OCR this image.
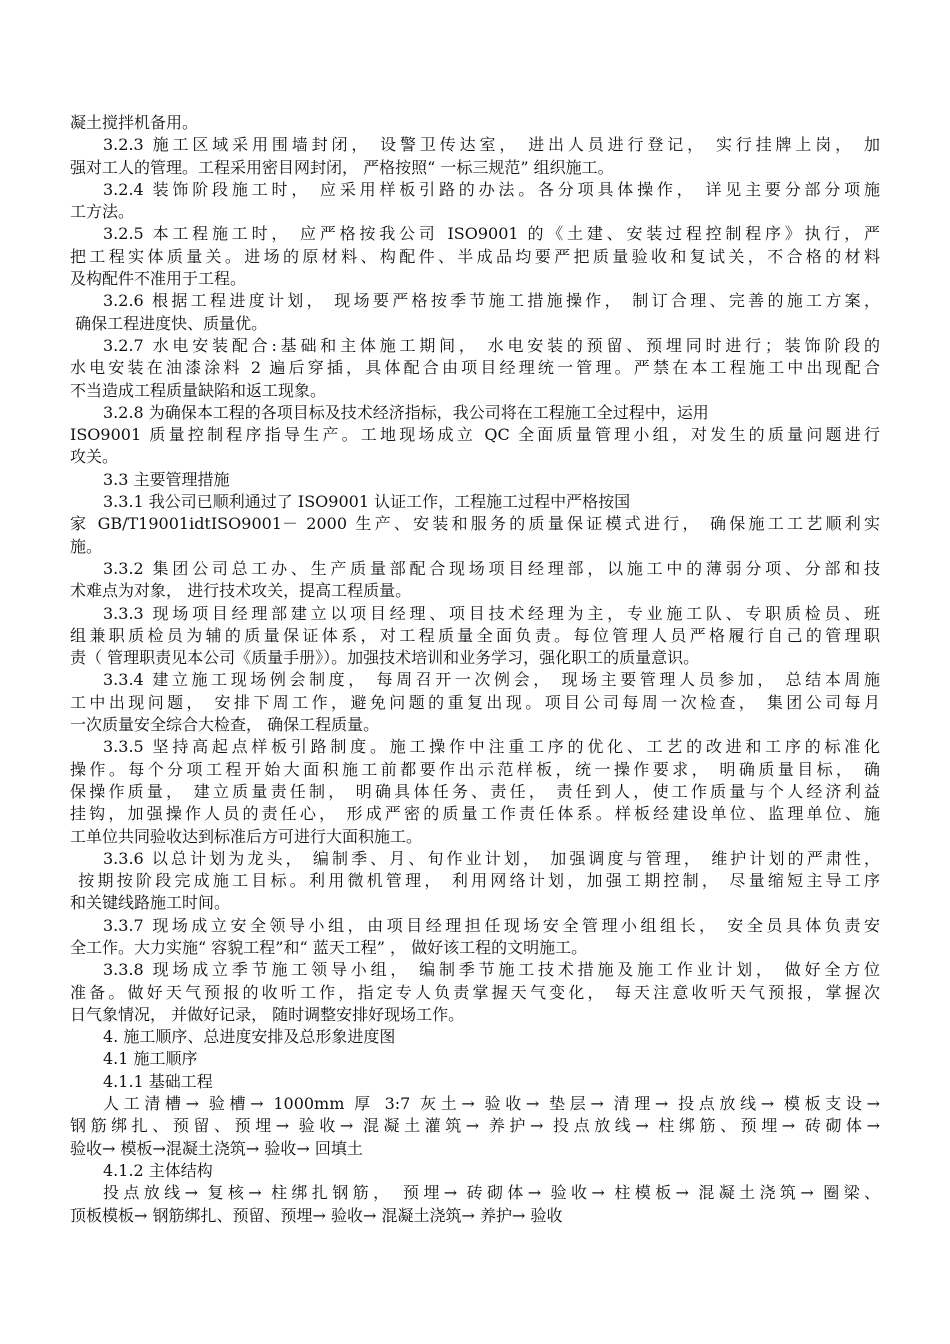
凝土搅拌机备用。
3.2.3 施工区域采用围墙封闭， 设警卫传达室， 进出人员进行登记， 实行挂牌上岗， 加
强对工人的管理。工程采用密目网封闭， 严格按照“ 一标三规范” 组织施工。
3.2.4 装饰阶段施工时， 应采用样板引路的办法。各分项具体操作， 详见主要分部分项施
工方法。
3.2.5 本工程施工时， 应严格按我公司 ISO9001 的《土建、安装过程控制程序》执行，严
把工程实体质量关。进场的原材料、构配件、半成品均要严把质量验收和复试关，不合格的材料
及构配件不准用于工程。
3.2.6 根据工程进度计划， 现场要严格按季节施工措施操作， 制订合理、完善的施工方案，
确保工程进度快、质量优。
3.2.7 水电安装配合:基础和主体施工期间， 水电安装的预留、预埋同时进行；装饰阶段的
水电安装在油漆涂料 2 遍后穿插，具体配合由项目经理统一管理。严禁在本工程施工中出现配合
不当造成工程质量缺陷和返工现象。
3.2.8 为确保本工程的各项目标及技术经济指标，我公司将在工程施工全过程中，运用
ISO9001 质量控制程序指导生产。工地现场成立 QC 全面质量管理小组，对发生的质量问题进行
攻关。
3.3 主要管理措施
3.3.1 我公司已顺利通过了 ISO9001 认证工作，工程施工过程中严格按国
家 GB/T19001idtISO9001－ 2000 生产、安装和服务的质量保证模式进行， 确保施工工艺顺利实
施。
3.3.2 集团公司总工办、生产质量部配合现场项目经理部，以施工中的薄弱分项、分部和技
术难点为对象， 进行技术攻关，提高工程质量。
3.3.3 现场项目经理部建立以项目经理、项目技术经理为主，专业施工队、专职质检员、班
组兼职质检员为辅的质量保证体系，对工程质量全面负责。每位管理人员严格履行自己的管理职
责（ 管理职责见本公司《质量手册》）。加强技术培训和业务学习，强化职工的质量意识。
3.3.4 建立施工现场例会制度， 每周召开一次例会， 现场主要管理人员参加， 总结本周施
工中出现问题， 安排下周工作，避免问题的重复出现。项目公司每周一次检查， 集团公司每月
一次质量安全综合大检查， 确保工程质量。
3.3.5 坚持高起点样板引路制度。施工操作中注重工序的优化、工艺的改进和工序的标准化
操作。每个分项工程开始大面积施工前都要作出示范样板，统一操作要求， 明确质量目标， 确
保操作质量， 建立质量责任制， 明确具体任务、责任， 责任到人，使工作质量与个人经济利益
挂钩，加强操作人员的责任心， 形成严密的质量工作责任体系。样板经建设单位、监理单位、施
工单位共同验收达到标准后方可进行大面积施工。
3.3.6 以总计划为龙头， 编制季、月、旬作业计划， 加强调度与管理， 维护计划的严肃性，
按期按阶段完成施工目标。利用微机管理， 利用网络计划，加强工期控制， 尽量缩短主导工序
和关键线路施工时间。
3.3.7 现场成立安全领导小组，由项目经理担任现场安全管理小组组长， 安全员具体负责安
全工作。大力实施“ 容貌工程”和“ 蓝天工程” ， 做好该工程的文明施工。
3.3.8 现场成立季节施工领导小组， 编制季节施工技术措施及施工作业计划， 做好全方位
准备。做好天气预报的收听工作，指定专人负责掌握天气变化， 每天注意收听天气预报，掌握次
日气象情况， 并做好记录， 随时调整安排好现场工作。
4. 施工顺序、总进度安排及总形象进度图
4.1 施工顺序
4.1.1 基础工程
人工清槽→ 验槽→ 1000mm 厚 3:7 灰土→ 验收→ 垫层→ 清理→ 投点放线→ 模板支设→
钢筋绑扎、预留、预埋→ 验收→ 混凝土灌筑→ 养护→ 投点放线→ 柱绑筋、预埋→ 砖砌体→
验收→ 模板→混凝土浇筑→ 验收→ 回填土
4.1.2 主体结构
投点放线→ 复核→ 柱绑扎钢筋， 预埋→ 砖砌体→ 验收→ 柱模板→ 混凝土浇筑→ 圈梁、
顶板模板→ 钢筋绑扎、预留、预埋→ 验收→ 混凝土浇筑→ 养护→ 验收
